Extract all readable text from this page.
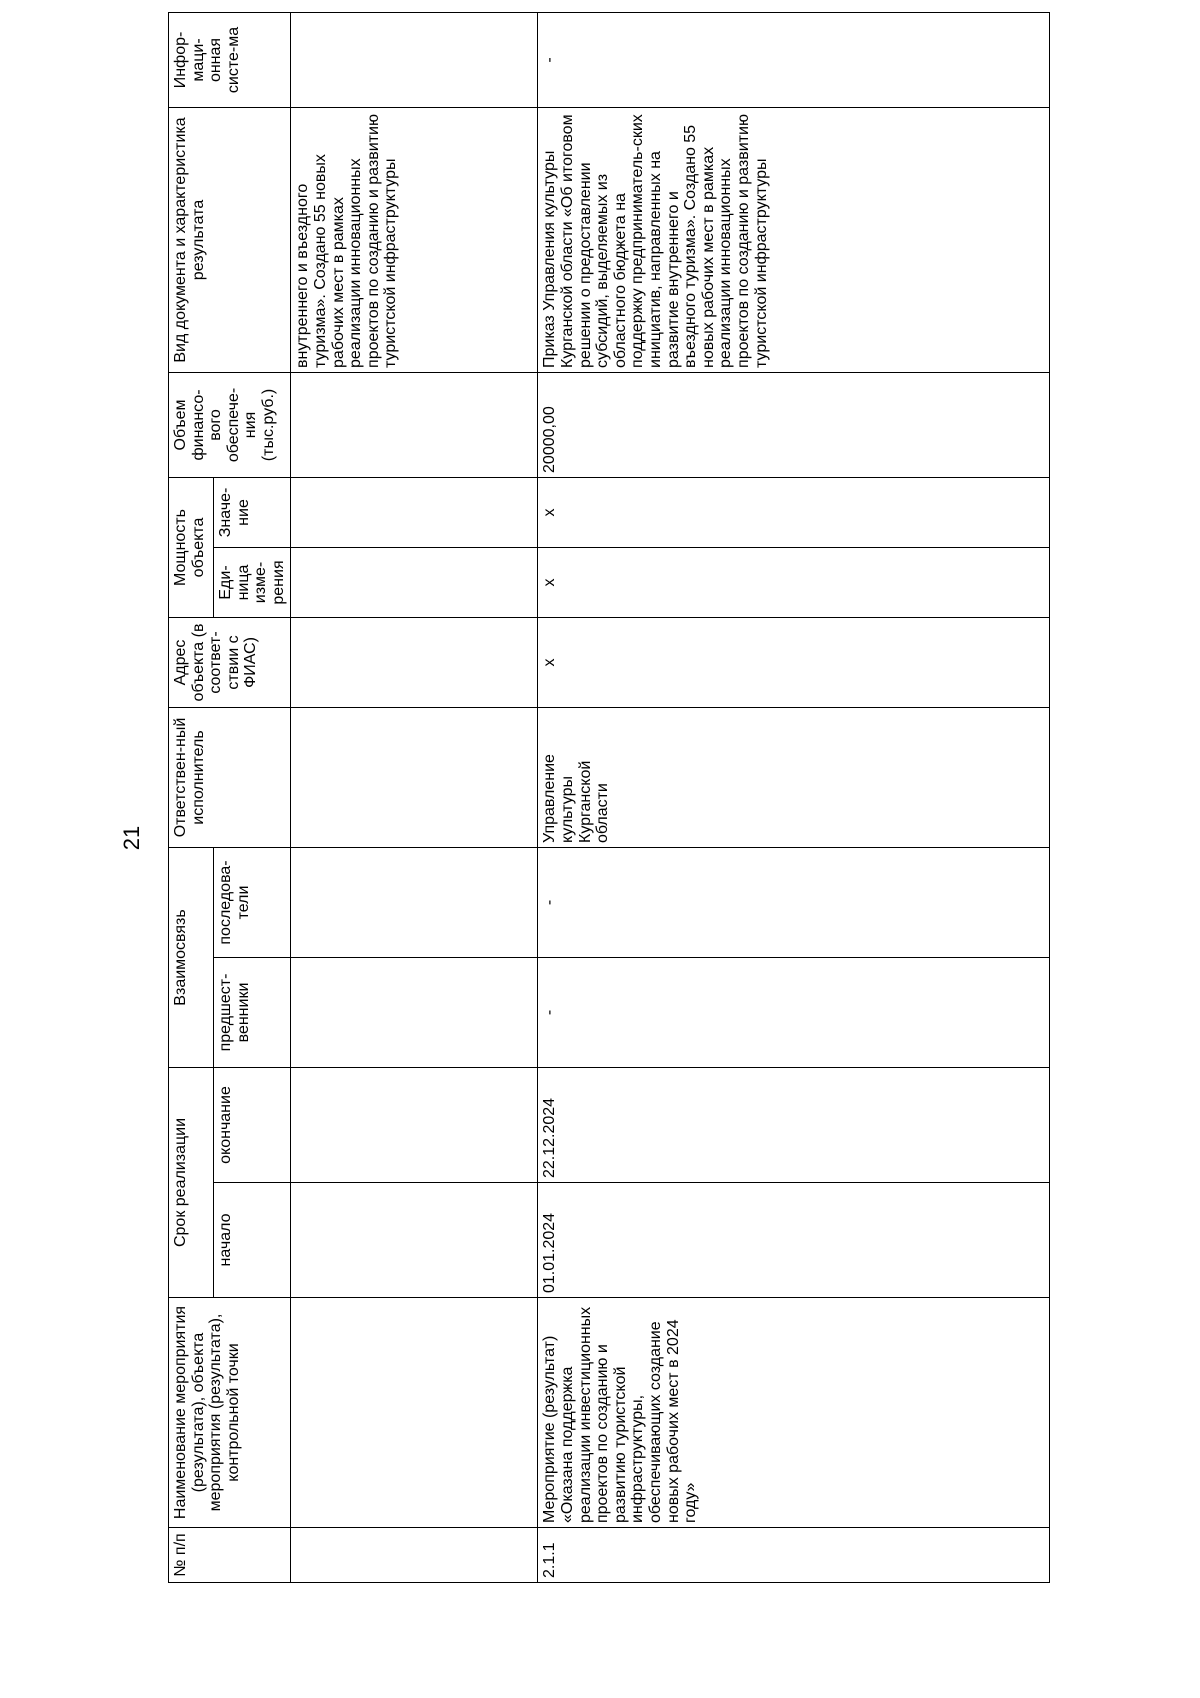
21
№ п/п	Наименование мероприятия (результата), объекта мероприятия (результата), контрольной точки	Срок реализации		Взаимосвязь		Ответствен-ный исполнитель	Адрес объекта (в соответ-ствии с ФИАС)	Мощность объекта		Объем финансо-вого обеспече-ния (тыс.руб.)	Вид документа и характеристика результата	Инфор-маци-онная систе-ма
		начало	окончание	предшест-венники	последова-тели			Еди-ница изме-рения	Значе-ние			
											внутреннего и въездного туризма». Создано 55 новых рабочих мест в рамках реализации инновационных проектов по созданию и развитию туристской инфраструктуры	
2.1.1	Мероприятие (результат) «Оказана поддержка реализации инвестиционных проектов по созданию и развитию туристской инфраструктуры, обеспечивающих создание новых рабочих мест в 2024 году»	01.01.2024	22.12.2024	-	-	Управление культуры Курганской области	х	х	х	20000,00	Приказ Управления культуры Курганской области «Об итоговом решении о предоставлении субсидий, выделяемых из областного бюджета на поддержку предприниматель-ских инициатив, направленных на развитие внутреннего и въездного туризма». Создано 55 новых рабочих мест в рамках реализации инновационных проектов по созданию и развитию туристской инфраструктуры	-
